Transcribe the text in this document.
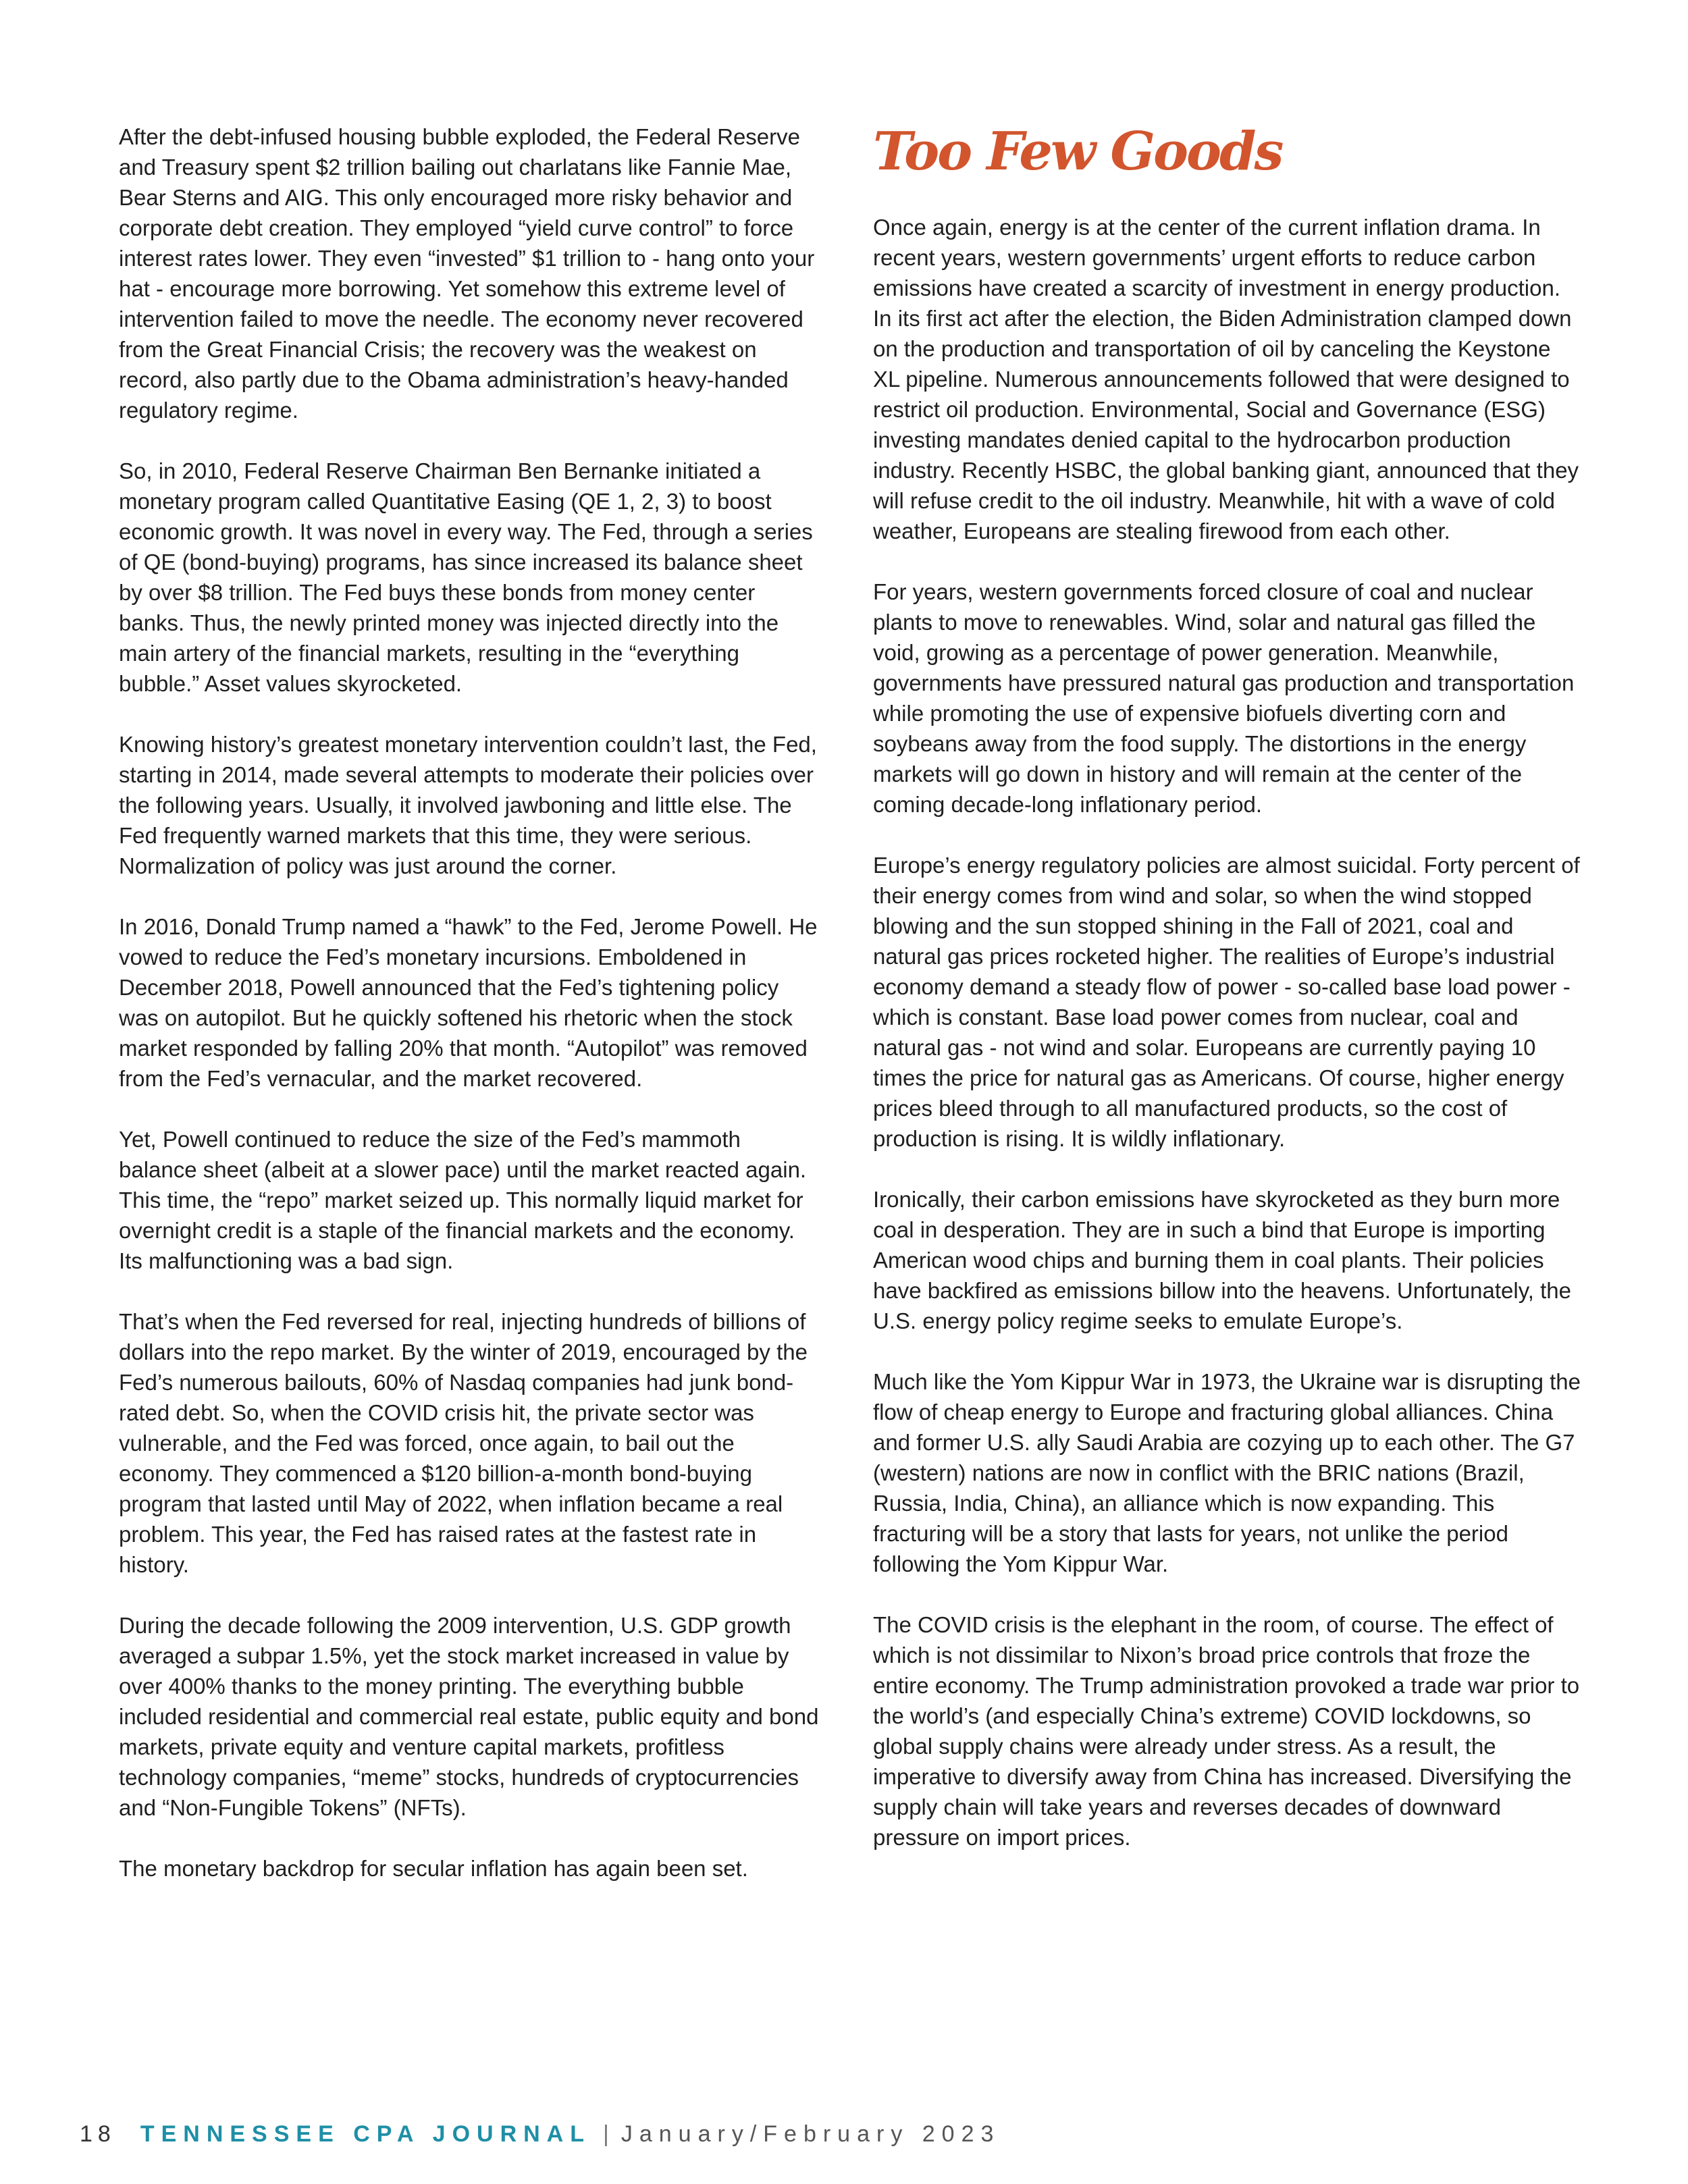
After the debt-infused housing bubble exploded, the Federal Reserve and Treasury spent $2 trillion bailing out charlatans like Fannie Mae, Bear Sterns and AIG. This only encouraged more risky behavior and corporate debt creation. They employed “yield curve control” to force interest rates lower. They even “invested” $1 trillion to - hang onto your hat - encourage more borrowing. Yet somehow this extreme level of intervention failed to move the needle. The economy never recovered from the Great Financial Crisis; the recovery was the weakest on record, also partly due to the Obama administration’s heavy-handed regulatory regime.

So, in 2010, Federal Reserve Chairman Ben Bernanke initiated a monetary program called Quantitative Easing (QE 1, 2, 3) to boost economic growth. It was novel in every way. The Fed, through a series of QE (bond-buying) programs, has since increased its balance sheet by over $8 trillion. The Fed buys these bonds from money center banks. Thus, the newly printed money was injected directly into the main artery of the financial markets, resulting in the “everything bubble.” Asset values skyrocketed.

Knowing history’s greatest monetary intervention couldn’t last, the Fed, starting in 2014, made several attempts to moderate their policies over the following years. Usually, it involved jawboning and little else. The Fed frequently warned markets that this time, they were serious. Normalization of policy was just around the corner.

In 2016, Donald Trump named a “hawk” to the Fed, Jerome Powell. He vowed to reduce the Fed’s monetary incursions. Emboldened in December 2018, Powell announced that the Fed’s tightening policy was on autopilot. But he quickly softened his rhetoric when the stock market responded by falling 20% that month. “Autopilot” was removed from the Fed’s vernacular, and the market recovered.

Yet, Powell continued to reduce the size of the Fed’s mammoth balance sheet (albeit at a slower pace) until the market reacted again. This time, the “repo” market seized up. This normally liquid market for overnight credit is a staple of the financial markets and the economy. Its malfunctioning was a bad sign.

That’s when the Fed reversed for real, injecting hundreds of billions of dollars into the repo market. By the winter of 2019, encouraged by the Fed’s numerous bailouts, 60% of Nasdaq companies had junk bond-rated debt. So, when the COVID crisis hit, the private sector was vulnerable, and the Fed was forced, once again, to bail out the economy. They commenced a $120 billion-a-month bond-buying program that lasted until May of 2022, when inflation became a real problem. This year, the Fed has raised rates at the fastest rate in history.

During the decade following the 2009 intervention, U.S. GDP growth averaged a subpar 1.5%, yet the stock market increased in value by over 400% thanks to the money printing. The everything bubble included residential and commercial real estate, public equity and bond markets, private equity and venture capital markets, profitless technology companies, “meme” stocks, hundreds of cryptocurrencies and “Non-Fungible Tokens” (NFTs).

The monetary backdrop for secular inflation has again been set.

Too Few Goods

Once again, energy is at the center of the current inflation drama. In recent years, western governments’ urgent efforts to reduce carbon emissions have created a scarcity of investment in energy production. In its first act after the election, the Biden Administration clamped down on the production and transportation of oil by canceling the Keystone XL pipeline. Numerous announcements followed that were designed to restrict oil production. Environmental, Social and Governance (ESG) investing mandates denied capital to the hydrocarbon production industry. Recently HSBC, the global banking giant, announced that they will refuse credit to the oil industry. Meanwhile, hit with a wave of cold weather, Europeans are stealing firewood from each other.

For years, western governments forced closure of coal and nuclear plants to move to renewables. Wind, solar and natural gas filled the void, growing as a percentage of power generation. Meanwhile, governments have pressured natural gas production and transportation while promoting the use of expensive biofuels diverting corn and soybeans away from the food supply. The distortions in the energy markets will go down in history and will remain at the center of the coming decade-long inflationary period.

Europe’s energy regulatory policies are almost suicidal. Forty percent of their energy comes from wind and solar, so when the wind stopped blowing and the sun stopped shining in the Fall of 2021, coal and natural gas prices rocketed higher. The realities of Europe’s industrial economy demand a steady flow of power - so-called base load power - which is constant. Base load power comes from nuclear, coal and natural gas - not wind and solar. Europeans are currently paying 10 times the price for natural gas as Americans. Of course, higher energy prices bleed through to all manufactured products, so the cost of production is rising. It is wildly inflationary.

Ironically, their carbon emissions have skyrocketed as they burn more coal in desperation. They are in such a bind that Europe is importing American wood chips and burning them in coal plants. Their policies have backfired as emissions billow into the heavens. Unfortunately, the U.S. energy policy regime seeks to emulate Europe’s.

Much like the Yom Kippur War in 1973, the Ukraine war is disrupting the flow of cheap energy to Europe and fracturing global alliances. China and former U.S. ally Saudi Arabia are cozying up to each other. The G7 (western) nations are now in conflict with the BRIC nations (Brazil, Russia, India, China), an alliance which is now expanding. This fracturing will be a story that lasts for years, not unlike the period following the Yom Kippur War.

The COVID crisis is the elephant in the room, of course. The effect of which is not dissimilar to Nixon’s broad price controls that froze the entire economy. The Trump administration provoked a trade war prior to the world’s (and especially China’s extreme) COVID lockdowns, so global supply chains were already under stress. As a result, the imperative to diversify away from China has increased. Diversifying the supply chain will take years and reverses decades of downward pressure on import prices.

18 TENNESSEE CPA JOURNAL | January/February 2023
